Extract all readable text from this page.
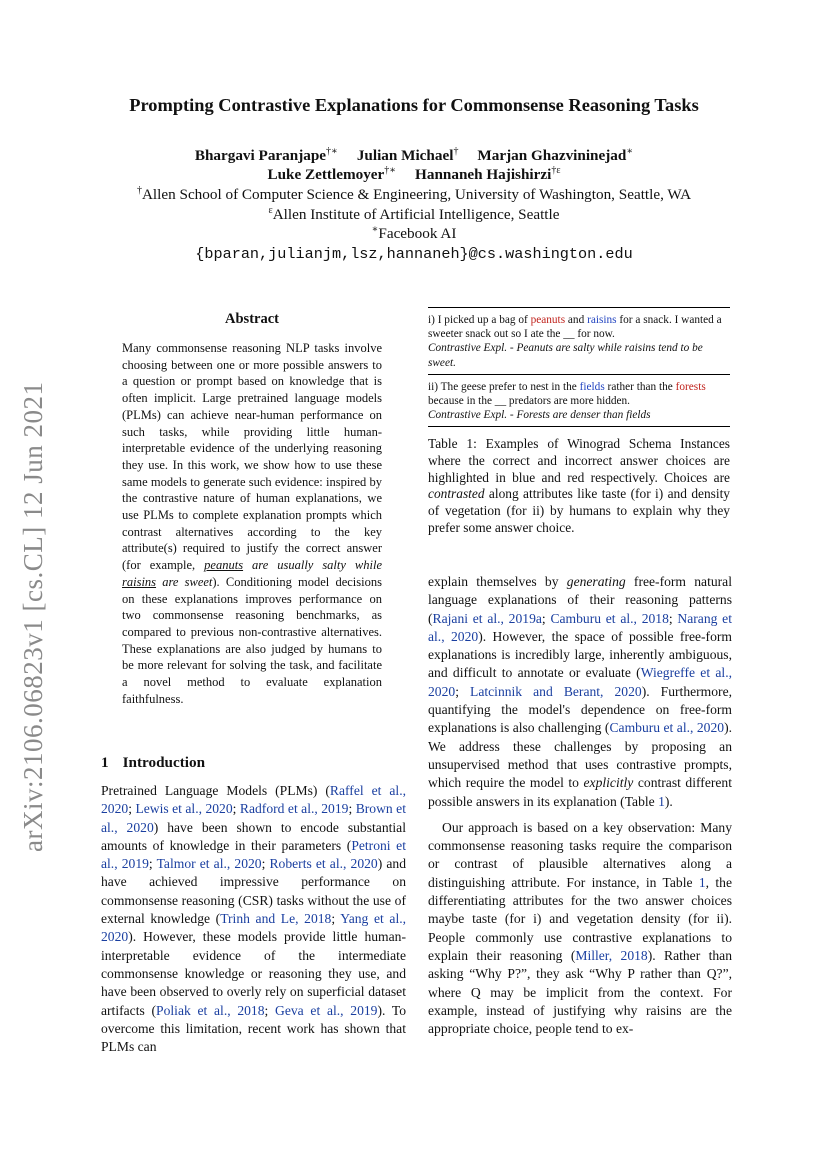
arXiv:2106.06823v1 [cs.CL] 12 Jun 2021
Prompting Contrastive Explanations for Commonsense Reasoning Tasks
Bhargavi Paranjape†∗ Julian Michael† Marjan Ghazvininejad∗
Luke Zettlemoyer†∗ Hannaneh Hajishirzi$^{\dagger\varepsilon}$
†Allen School of Computer Science & Engineering, University of Washington, Seattle, WA
$^\varepsilon$Allen Institute of Artificial Intelligence, Seattle
∗Facebook AI
{bparan,julianjm,lsz,hannaneh}@cs.washington.edu
Abstract
Many commonsense reasoning NLP tasks involve choosing between one or more possible answers to a question or prompt based on knowledge that is often implicit. Large pretrained language models (PLMs) can achieve near-human performance on such tasks, while providing little human-interpretable evidence of the underlying reasoning they use. In this work, we show how to use these same models to generate such evidence: inspired by the contrastive nature of human explanations, we use PLMs to complete explanation prompts which contrast alternatives according to the key attribute(s) required to justify the correct answer (for example, peanuts are usually salty while raisins are sweet). Conditioning model decisions on these explanations improves performance on two commonsense reasoning benchmarks, as compared to previous non-contrastive alternatives. These explanations are also judged by humans to be more relevant for solving the task, and facilitate a novel method to evaluate explanation faithfulness.
i) I picked up a bag of peanuts and raisins for a snack. I wanted a sweeter snack out so I ate the __ for now.
Contrastive Expl. - Peanuts are salty while raisins tend to be sweet.
ii) The geese prefer to nest in the fields rather than the forests because in the __ predators are more hidden.
Contrastive Expl. - Forests are denser than fields
Table 1: Examples of Winograd Schema Instances where the correct and incorrect answer choices are highlighted in blue and red respectively. Choices are contrasted along attributes like taste (for i) and density of vegetation (for ii) by humans to explain why they prefer some answer choice.
1 Introduction
Pretrained Language Models (PLMs) (Raffel et al., 2020; Lewis et al., 2020; Radford et al., 2019; Brown et al., 2020) have been shown to encode substantial amounts of knowledge in their parameters (Petroni et al., 2019; Talmor et al., 2020; Roberts et al., 2020) and have achieved impressive performance on commonsense reasoning (CSR) tasks without the use of external knowledge (Trinh and Le, 2018; Yang et al., 2020). However, these models provide little human-interpretable evidence of the intermediate commonsense knowledge or reasoning they use, and have been observed to overly rely on superficial dataset artifacts (Poliak et al., 2018; Geva et al., 2019). To overcome this limitation, recent work has shown that PLMs can

explain themselves by generating free-form natural language explanations of their reasoning patterns (Rajani et al., 2019a; Camburu et al., 2018; Narang et al., 2020). However, the space of possible free-form explanations is incredibly large, inherently ambiguous, and difficult to annotate or evaluate (Wiegreffe et al., 2020; Latcinnik and Berant, 2020). Furthermore, quantifying the model's dependence on free-form explanations is also challenging (Camburu et al., 2020). We address these challenges by proposing an unsupervised method that uses contrastive prompts, which require the model to explicitly contrast different possible answers in its explanation (Table 1).

Our approach is based on a key observation: Many commonsense reasoning tasks require the comparison or contrast of plausible alternatives along a distinguishing attribute. For instance, in Table 1, the differentiating attributes for the two answer choices maybe taste (for i) and vegetation density (for ii). People commonly use contrastive explanations to explain their reasoning (Miller, 2018). Rather than asking “Why P?”, they ask “Why P rather than Q?”, where Q may be implicit from the context. For example, instead of justifying why raisins are the appropriate choice, people tend to ex-
